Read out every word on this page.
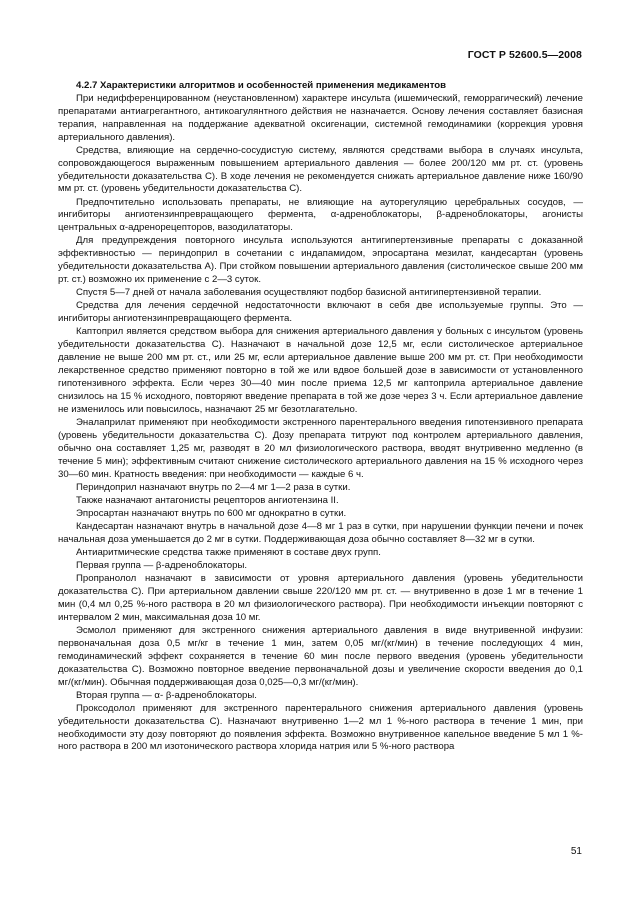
ГОСТ Р 52600.5—2008
4.2.7 Характеристики алгоритмов и особенностей применения медикаментов

При недифференцированном (неустановленном) характере инсульта (ишемический, геморрагический) лечение препаратами антиагрегантного, антикоагулянтного действия не назначается. Основу лечения составляет базисная терапия, направленная на поддержание адекватной оксигенации, системной гемодинамики (коррекция уровня артериального давления).

Средства, влияющие на сердечно-сосудистую систему, являются средствами выбора в случаях инсульта, сопровождающегося выраженным повышением артериального давления — более 200/120 мм рт. ст. (уровень убедительности доказательства С). В ходе лечения не рекомендуется снижать артериальное давление ниже 160/90 мм рт. ст. (уровень убедительности доказательства С).

Предпочтительно использовать препараты, не влияющие на ауторегуляцию церебральных сосудов, — ингибиторы ангиотензинпревращающего фермента, α-адреноблокаторы, β-адреноблокаторы, агонисты центральных α-адренорецепторов, вазодилататоры.

Для предупреждения повторного инсульта используются антигипертензивные препараты с доказанной эффективностью — периндоприл в сочетании с индапамидом, эпросартана мезилат, кандесартан (уровень убедительности доказательства А). При стойком повышении артериального давления (систолическое свыше 200 мм рт. ст.) возможно их применение с 2—3 суток.

Спустя 5—7 дней от начала заболевания осуществляют подбор базисной антигипертензивной терапии.

Средства для лечения сердечной недостаточности включают в себя две используемые группы. Это — ингибиторы ангиотензинпревращающего фермента.

Каптоприл является средством выбора для снижения артериального давления у больных с инсультом (уровень убедительности доказательства С). Назначают в начальной дозе 12,5 мг, если систолическое артериальное давление не выше 200 мм рт. ст., или 25 мг, если артериальное давление выше 200 мм рт. ст. При необходимости лекарственное средство применяют повторно в той же или вдвое большей дозе в зависимости от установленного гипотензивного эффекта. Если через 30—40 мин после приема 12,5 мг каптоприла артериальное давление снизилось на 15 % исходного, повторяют введение препарата в той же дозе через 3 ч. Если артериальное давление не изменилось или повысилось, назначают 25 мг безотлагательно.

Эналаприлат применяют при необходимости экстренного парентерального введения гипотензивного препарата (уровень убедительности доказательства С). Дозу препарата титруют под контролем артериального давления, обычно она составляет 1,25 мг, разводят в 20 мл физиологического раствора, вводят внутривенно медленно (в течение 5 мин); эффективным считают снижение систолического артериального давления на 15 % исходного через 30—60 мин. Кратность введения: при необходимости — каждые 6 ч.

Периндоприл назначают внутрь по 2—4 мг 1—2 раза в сутки.

Также назначают антагонисты рецепторов ангиотензина II.

Эпросартан назначают внутрь по 600 мг однократно в сутки.

Кандесартан назначают внутрь в начальной дозе 4—8 мг 1 раз в сутки, при нарушении функции печени и почек начальная доза уменьшается до 2 мг в сутки. Поддерживающая доза обычно составляет 8—32 мг в сутки.

Антиаритмические средства также применяют в составе двух групп.

Первая группа — β-адреноблокаторы.

Пропранолол назначают в зависимости от уровня артериального давления (уровень убедительности доказательства С). При артериальном давлении свыше 220/120 мм рт. ст. — внутривенно в дозе 1 мг в течение 1 мин (0,4 мл 0,25 %-ного раствора в 20 мл физиологического раствора). При необходимости инъекции повторяют с интервалом 2 мин, максимальная доза 10 мг.

Эсмолол применяют для экстренного снижения артериального давления в виде внутривенной инфузии: первоначальная доза 0,5 мг/кг в течение 1 мин, затем 0,05 мг/(кг/мин) в течение последующих 4 мин, гемодинамический эффект сохраняется в течение 60 мин после первого введения (уровень убедительности доказательства С). Возможно повторное введение первоначальной дозы и увеличение скорости введения до 0,1 мг/(кг/мин). Обычная поддерживающая доза 0,025—0,3 мг/(кг/мин).

Вторая группа — α- β-адреноблокаторы.

Проксодолол применяют для экстренного парентерального снижения артериального давления (уровень убедительности доказательства С). Назначают внутривенно 1—2 мл 1 %-ного раствора в течение 1 мин, при необходимости эту дозу повторяют до появления эффекта. Возможно внутривенное капельное введение 5 мл 1 %-ного раствора в 200 мл изотонического раствора хлорида натрия или 5 %-ного раствора

51
